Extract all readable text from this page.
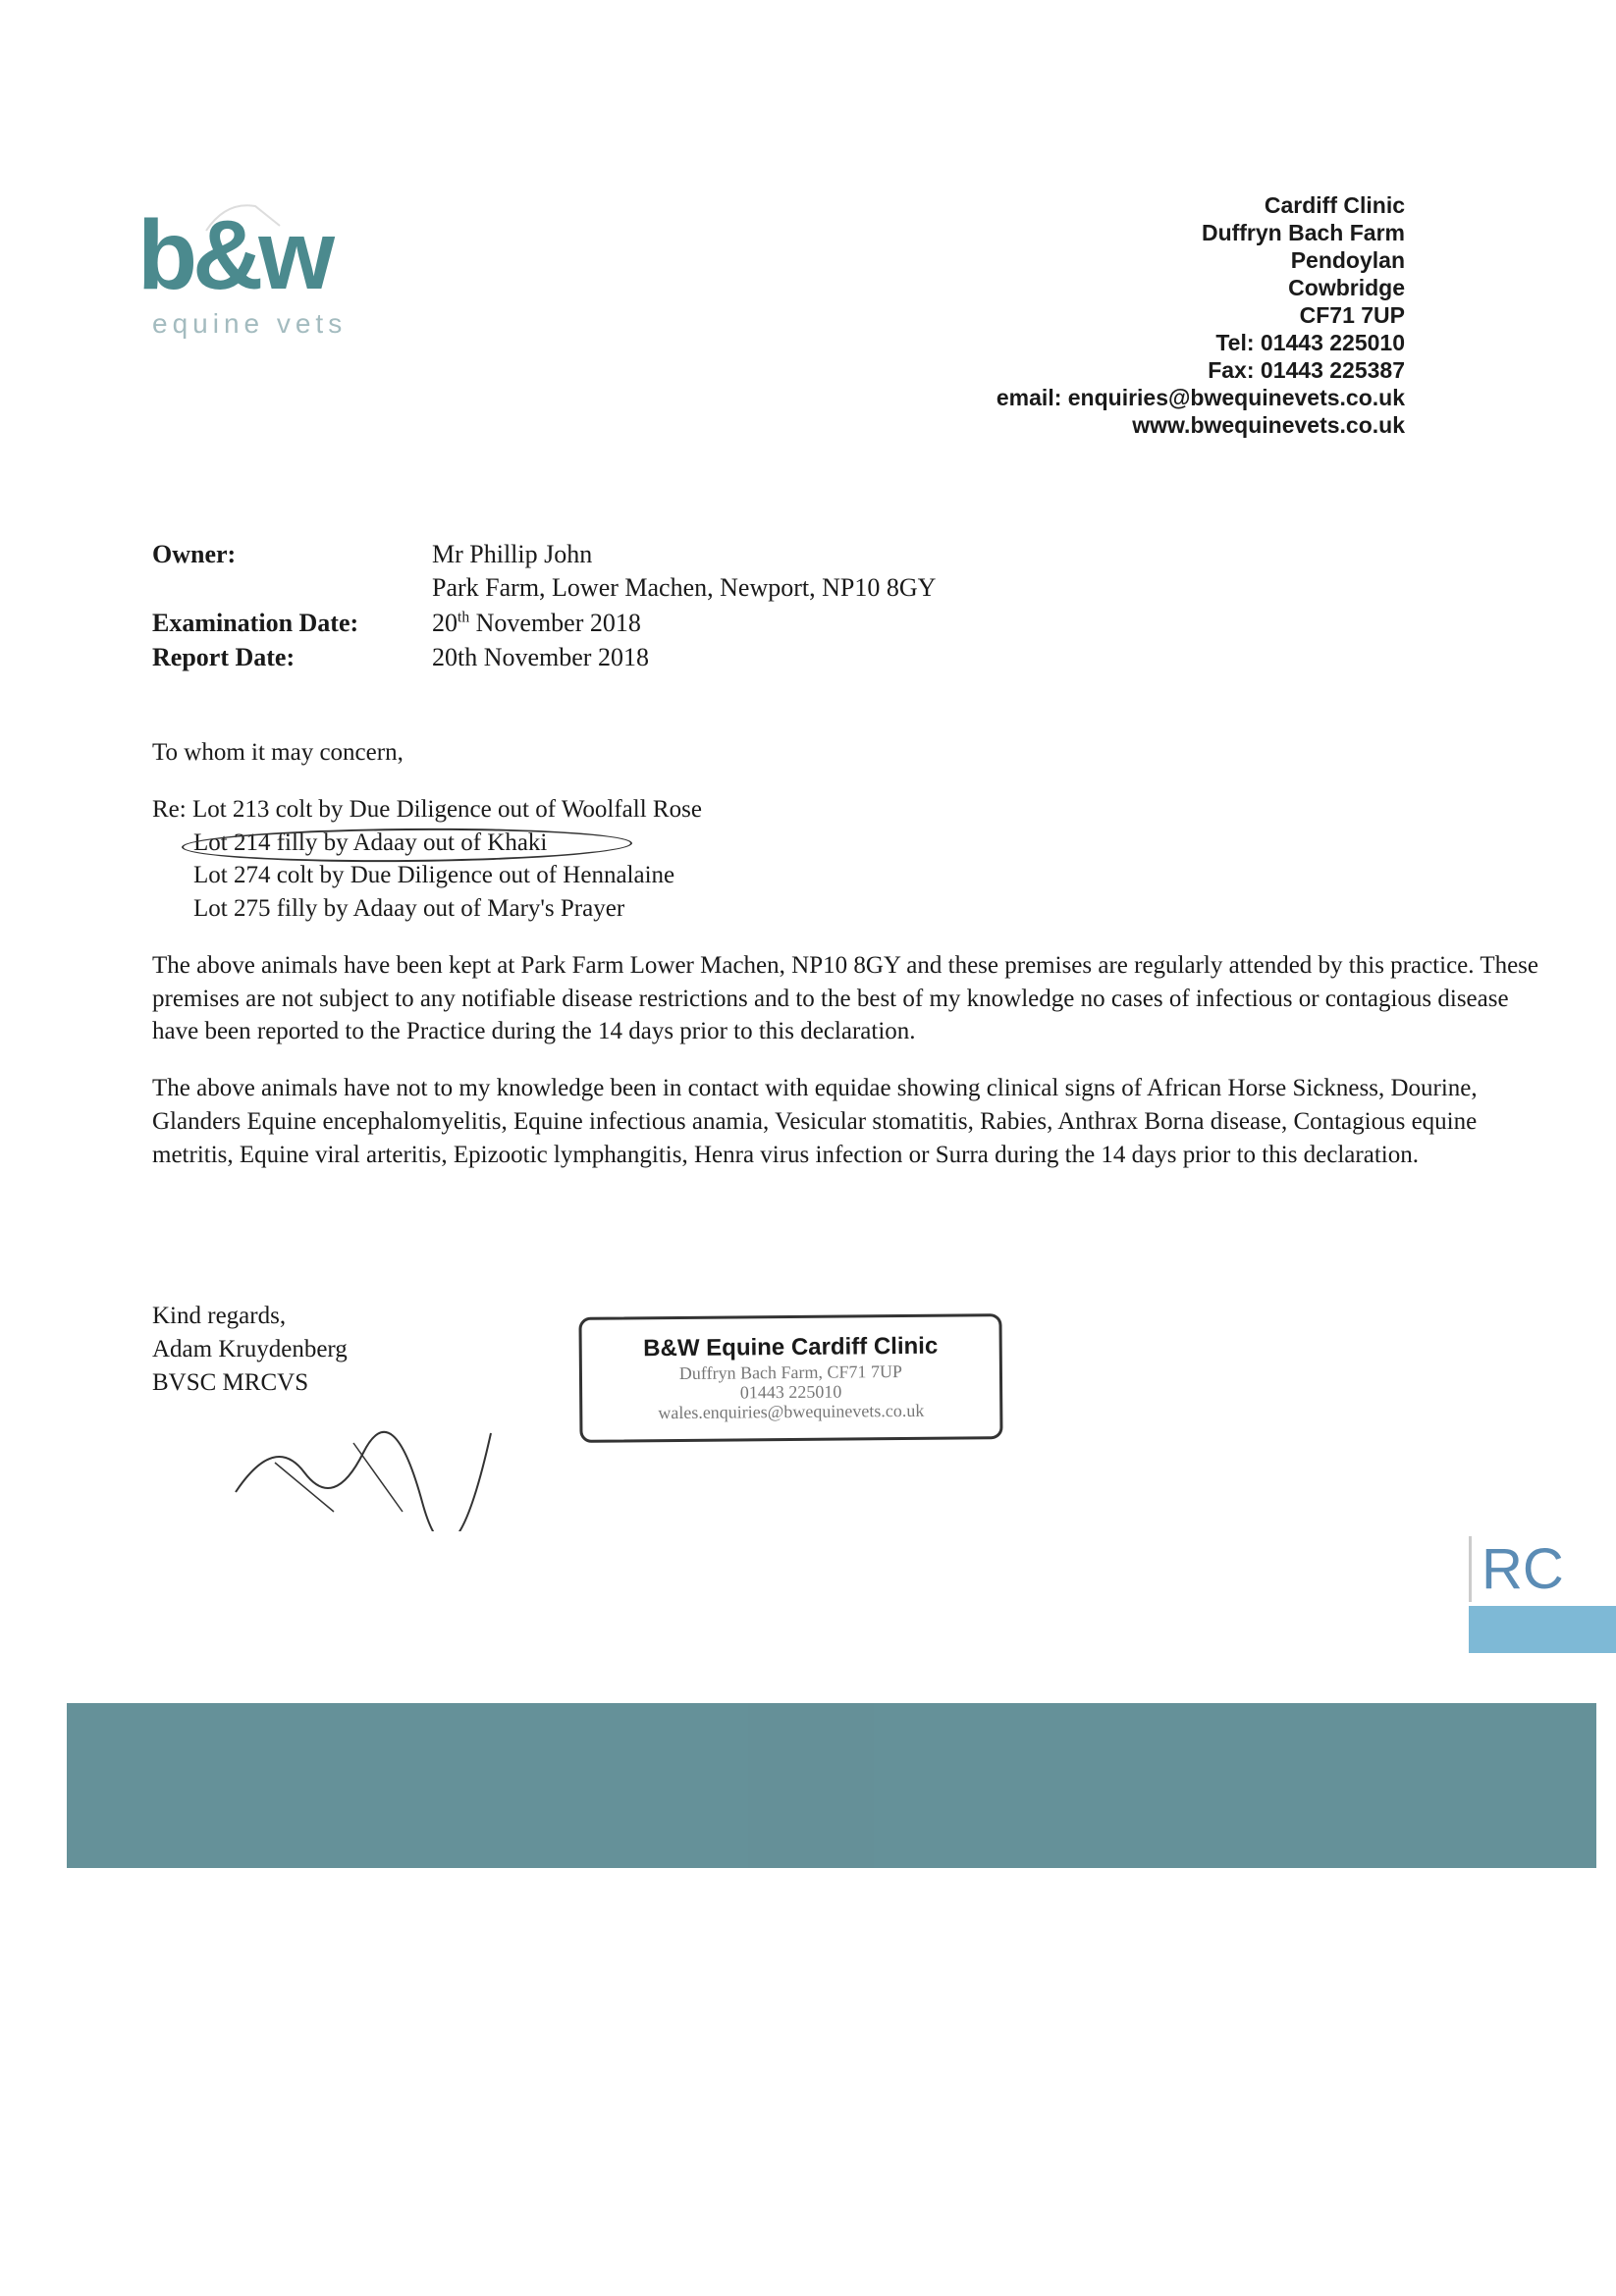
b&w
equine vets
Cardiff Clinic
Duffryn Bach Farm
Pendoylan
Cowbridge
CF71 7UP
Tel: 01443 225010
Fax: 01443 225387
email: enquiries@bwequinevets.co.uk
www.bwequinevets.co.uk
Owner:	Mr Phillip John
Park Farm, Lower Machen, Newport, NP10 8GY
Examination Date:	20th November 2018
Report Date:	20th November 2018
To whom it may concern,
Re: Lot 213 colt by Due Diligence out of Woolfall Rose
Lot 214 filly by Adaay out of Khaki
Lot 274 colt by Due Diligence out of Hennalaine
Lot 275 filly by Adaay out of Mary's Prayer
The above animals have been kept at Park Farm Lower Machen, NP10 8GY and these premises are regularly attended by this practice. These premises are not subject to any notifiable disease restrictions and to the best of my knowledge no cases of infectious or contagious disease have been reported to the Practice during the 14 days prior to this declaration.
The above animals have not to my knowledge been in contact with equidae showing clinical signs of African Horse Sickness, Dourine, Glanders Equine encephalomyelitis, Equine infectious anamia, Vesicular stomatitis, Rabies, Anthrax Borna disease, Contagious equine metritis, Equine viral arteritis, Epizootic lymphangitis, Henra virus infection or Surra during the 14 days prior to this declaration.
Kind regards,
Adam Kruydenberg
BVSC MRCVS
B&W Equine Cardiff Clinic
Duffryn Bach Farm, CF71 7UP
01443 225010
wales.enquiries@bwequinevets.co.uk
RC
